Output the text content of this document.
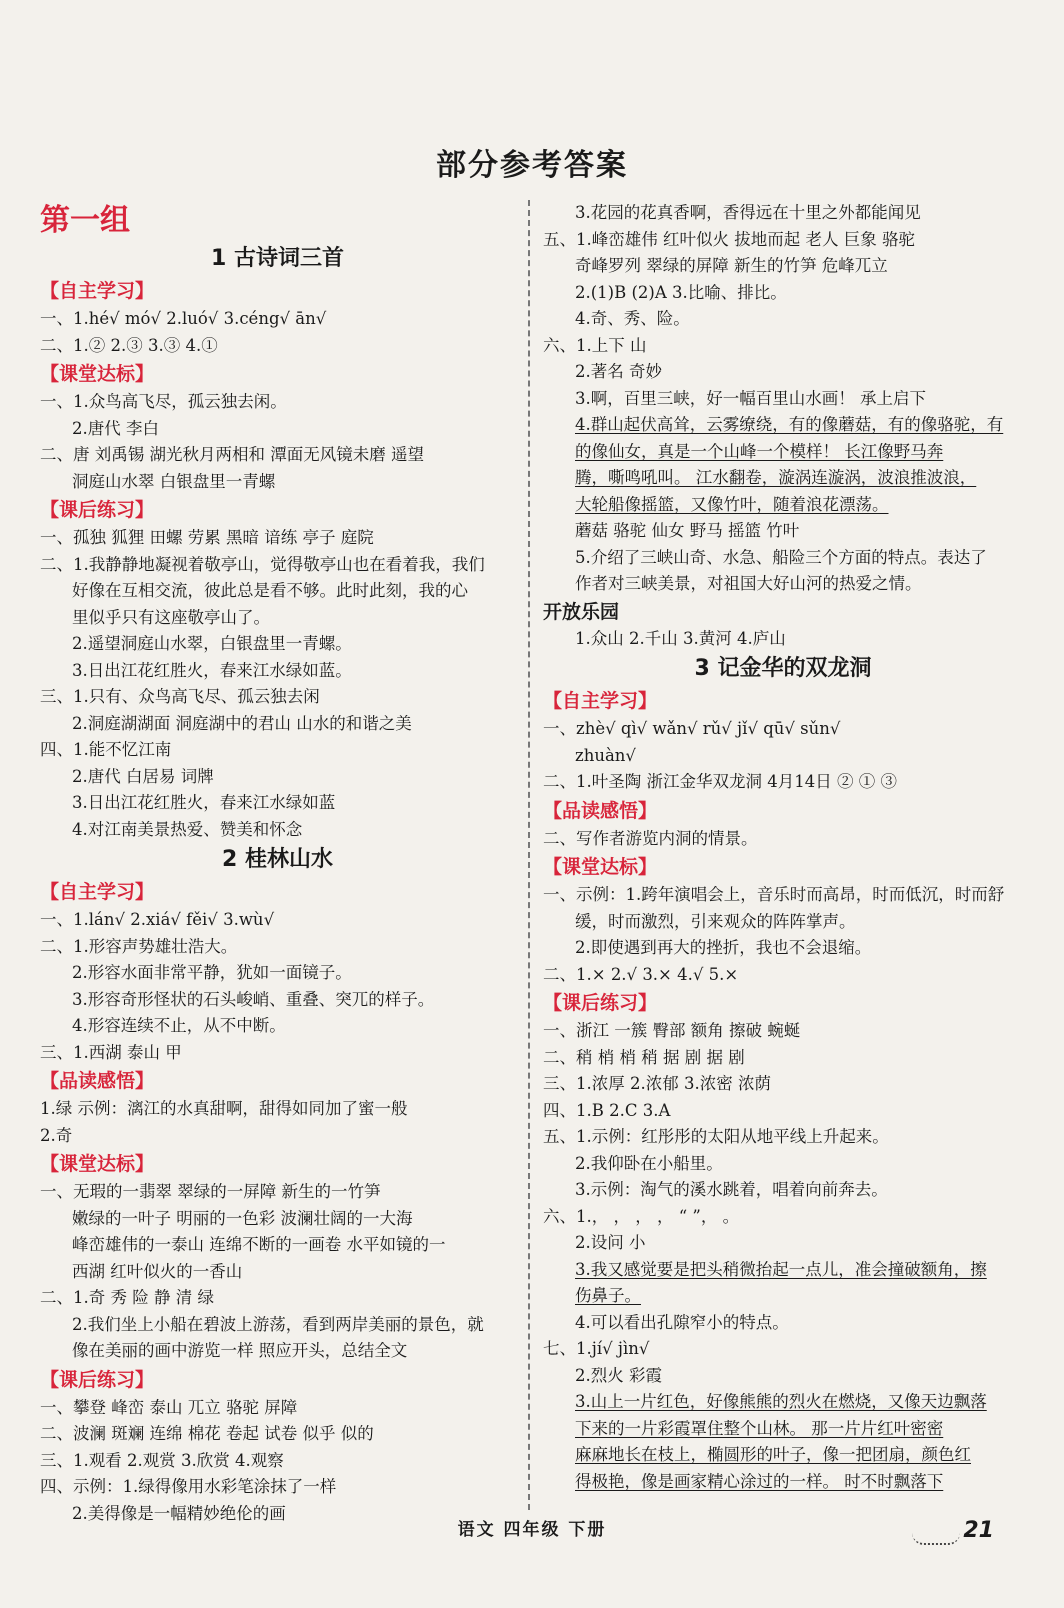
部分参考答案
第一组
1 古诗词三首
【自主学习】
一、1.hé√ mó√ 2.luó√ 3.céng√ ān√
二、1.② 2.③ 3.③ 4.①
【课堂达标】
一、1.众鸟高飞尽，孤云独去闲。
2.唐代 李白
二、唐 刘禹锡 湖光秋月两相和 潭面无风镜未磨 遥望
洞庭山水翠 白银盘里一青螺
【课后练习】
一、孤独 狐狸 田螺 劳累 黑暗 谙练 亭子 庭院
二、1.我静静地凝视着敬亭山，觉得敬亭山也在看着我，我们
好像在互相交流，彼此总是看不够。此时此刻，我的心
里似乎只有这座敬亭山了。
2.遥望洞庭山水翠，白银盘里一青螺。
3.日出江花红胜火，春来江水绿如蓝。
三、1.只有、众鸟高飞尽、孤云独去闲
2.洞庭湖湖面 洞庭湖中的君山 山水的和谐之美
四、1.能不忆江南
2.唐代 白居易 词牌
3.日出江花红胜火，春来江水绿如蓝
4.对江南美景热爱、赞美和怀念
2 桂林山水
【自主学习】
一、1.lán√ 2.xiá√ fěi√ 3.wù√
二、1.形容声势雄壮浩大。
2.形容水面非常平静，犹如一面镜子。
3.形容奇形怪状的石头峻峭、重叠、突兀的样子。
4.形容连续不止，从不中断。
三、1.西湖 泰山 甲
【品读感悟】
1.绿 示例：漓江的水真甜啊，甜得如同加了蜜一般
2.奇
【课堂达标】
一、无瑕的一翡翠 翠绿的一屏障 新生的一竹笋
嫩绿的一叶子 明丽的一色彩 波澜壮阔的一大海
峰峦雄伟的一泰山 连绵不断的一画卷 水平如镜的一
西湖 红叶似火的一香山
二、1.奇 秀 险 静 清 绿
2.我们坐上小船在碧波上游荡，看到两岸美丽的景色，就
像在美丽的画中游览一样 照应开头，总结全文
【课后练习】
一、攀登 峰峦 泰山 兀立 骆驼 屏障
二、波澜 斑斓 连绵 棉花 卷起 试卷 似乎 似的
三、1.观看 2.观赏 3.欣赏 4.观察
四、示例：1.绿得像用水彩笔涂抹了一样
2.美得像是一幅精妙绝伦的画
3.花园的花真香啊，香得远在十里之外都能闻见
五、1.峰峦雄伟 红叶似火 拔地而起 老人 巨象 骆驼
奇峰罗列 翠绿的屏障 新生的竹笋 危峰兀立
2.(1)B (2)A 3.比喻、排比。
4.奇、秀、险。
六、1.上下 山
2.著名 奇妙
3.啊，百里三峡，好一幅百里山水画！ 承上启下
4.群山起伏高耸，云雾缭绕，有的像蘑菇，有的像骆驼，有
的像仙女，真是一个山峰一个模样！ 长江像野马奔
腾，嘶鸣吼叫。 江水翻卷，漩涡连漩涡，波浪推波浪，
大轮船像摇篮，又像竹叶，随着浪花漂荡。
蘑菇 骆驼 仙女 野马 摇篮 竹叶
5.介绍了三峡山奇、水急、船险三个方面的特点。表达了
作者对三峡美景，对祖国大好山河的热爱之情。
开放乐园
1.众山 2.千山 3.黄河 4.庐山
3 记金华的双龙洞
【自主学习】
一、zhè√ qì√ wǎn√ rǔ√ jǐ√ qū√ sǔn√
zhuàn√
二、1.叶圣陶 浙江金华双龙洞 4月14日 ② ① ③
【品读感悟】
二、写作者游览内洞的情景。
【课堂达标】
一、示例：1.跨年演唱会上，音乐时而高昂，时而低沉，时而舒
缓，时而激烈，引来观众的阵阵掌声。
2.即使遇到再大的挫折，我也不会退缩。
二、1.× 2.√ 3.× 4.√ 5.×
【课后练习】
一、浙江 一簇 臀部 额角 擦破 蜿蜒
二、稍 梢 梢 稍 据 剧 据 剧
三、1.浓厚 2.浓郁 3.浓密 浓荫
四、1.B 2.C 3.A
五、1.示例：红彤彤的太阳从地平线上升起来。
2.我仰卧在小船里。
3.示例：淘气的溪水跳着，唱着向前奔去。
六、1.， ， ， ， “ ”， 。
2.设问 小
3.我又感觉要是把头稍微抬起一点儿，准会撞破额角，擦
伤鼻子。
4.可以看出孔隙窄小的特点。
七、1.jí√ jìn√
2.烈火 彩霞
3.山上一片红色，好像熊熊的烈火在燃烧，又像天边飘落
下来的一片彩霞罩住整个山林。 那一片片红叶密密
麻麻地长在枝上，椭圆形的叶子，像一把团扇，颜色红
得极艳，像是画家精心涂过的一样。 时不时飘落下
语文 四年级 下册	21
